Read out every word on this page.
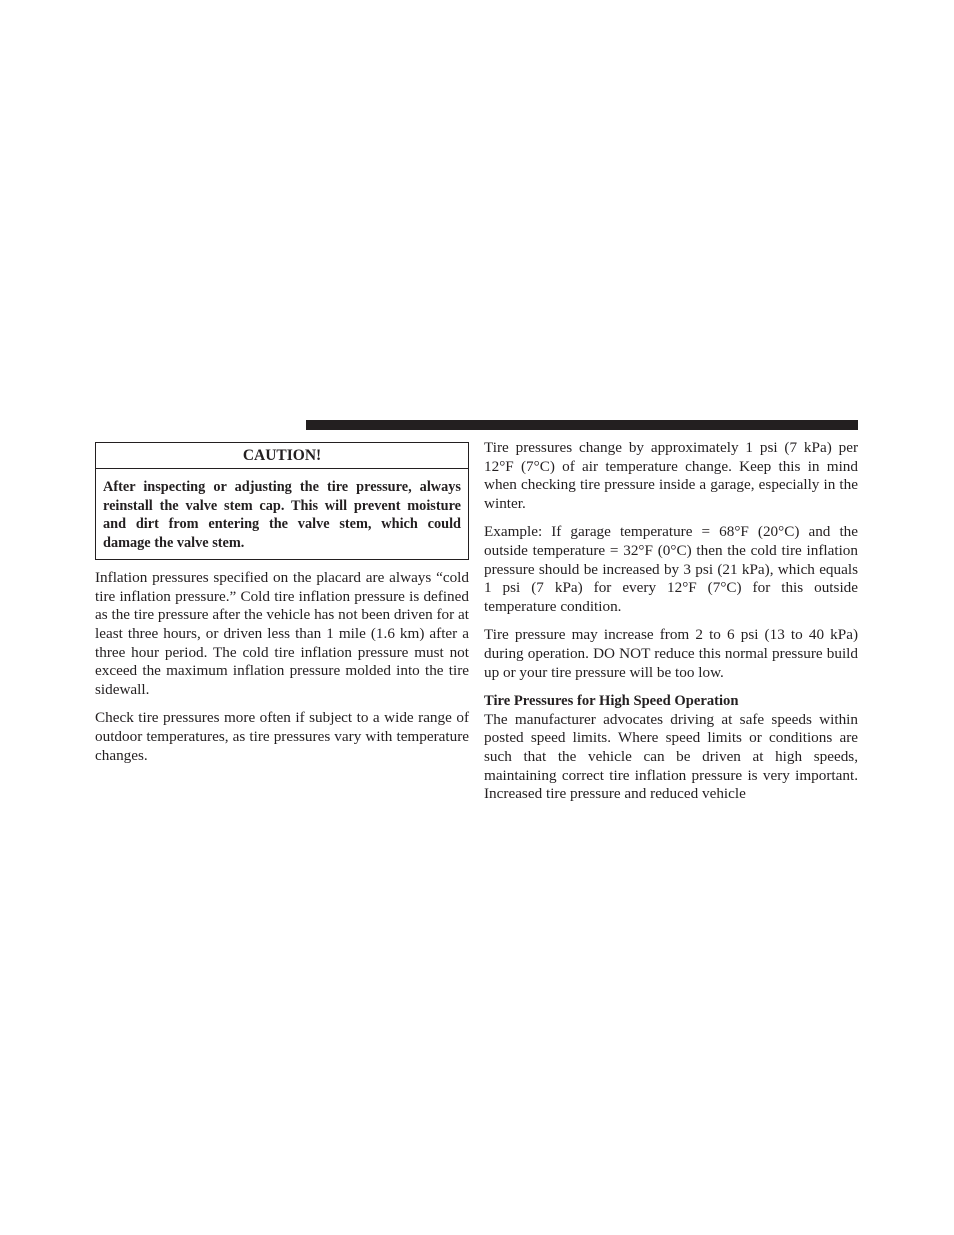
CAUTION!
After inspecting or adjusting the tire pressure, always reinstall the valve stem cap. This will prevent moisture and dirt from entering the valve stem, which could damage the valve stem.

Inflation pressures specified on the placard are always “cold tire inflation pressure.” Cold tire inflation pressure is defined as the tire pressure after the vehicle has not been driven for at least three hours, or driven less than 1 mile (1.6 km) after a three hour period. The cold tire inflation pressure must not exceed the maximum inflation pressure molded into the tire sidewall.

Check tire pressures more often if subject to a wide range of outdoor temperatures, as tire pressures vary with temperature changes.

Tire pressures change by approximately 1 psi (7 kPa) per 12°F (7°C) of air temperature change. Keep this in mind when checking tire pressure inside a garage, especially in the winter.

Example: If garage temperature = 68°F (20°C) and the outside temperature = 32°F (0°C) then the cold tire inflation pressure should be increased by 3 psi (21 kPa), which equals 1 psi (7 kPa) for every 12°F (7°C) for this outside temperature condition.

Tire pressure may increase from 2 to 6 psi (13 to 40 kPa) during operation. DO NOT reduce this normal pressure build up or your tire pressure will be too low.

Tire Pressures for High Speed Operation

The manufacturer advocates driving at safe speeds within posted speed limits. Where speed limits or conditions are such that the vehicle can be driven at high speeds, maintaining correct tire inflation pressure is very important. Increased tire pressure and reduced vehicle
